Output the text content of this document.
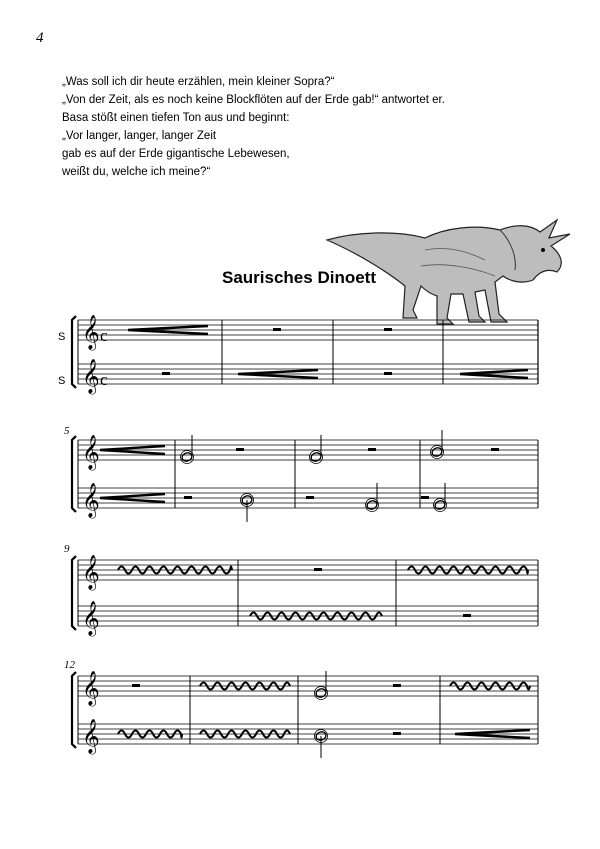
4
„Was soll ich dir heute erzählen, mein kleiner Sopra?“
„Von der Zeit, als es noch keine Blockflöten auf der Erde gab!“ antwortet er.
Basa stößt einen tiefen Ton aus und beginnt:
„Vor langer, langer, langer Zeit
gab es auf der Erde gigantische Lebewesen,
weißt du, welche ich meine?“
Saurisches Dinoett
𝄞
𝄞
𝄞
𝄞
𝄞
𝄞
𝄞
𝄞
S
S
c
c
5
9
12
